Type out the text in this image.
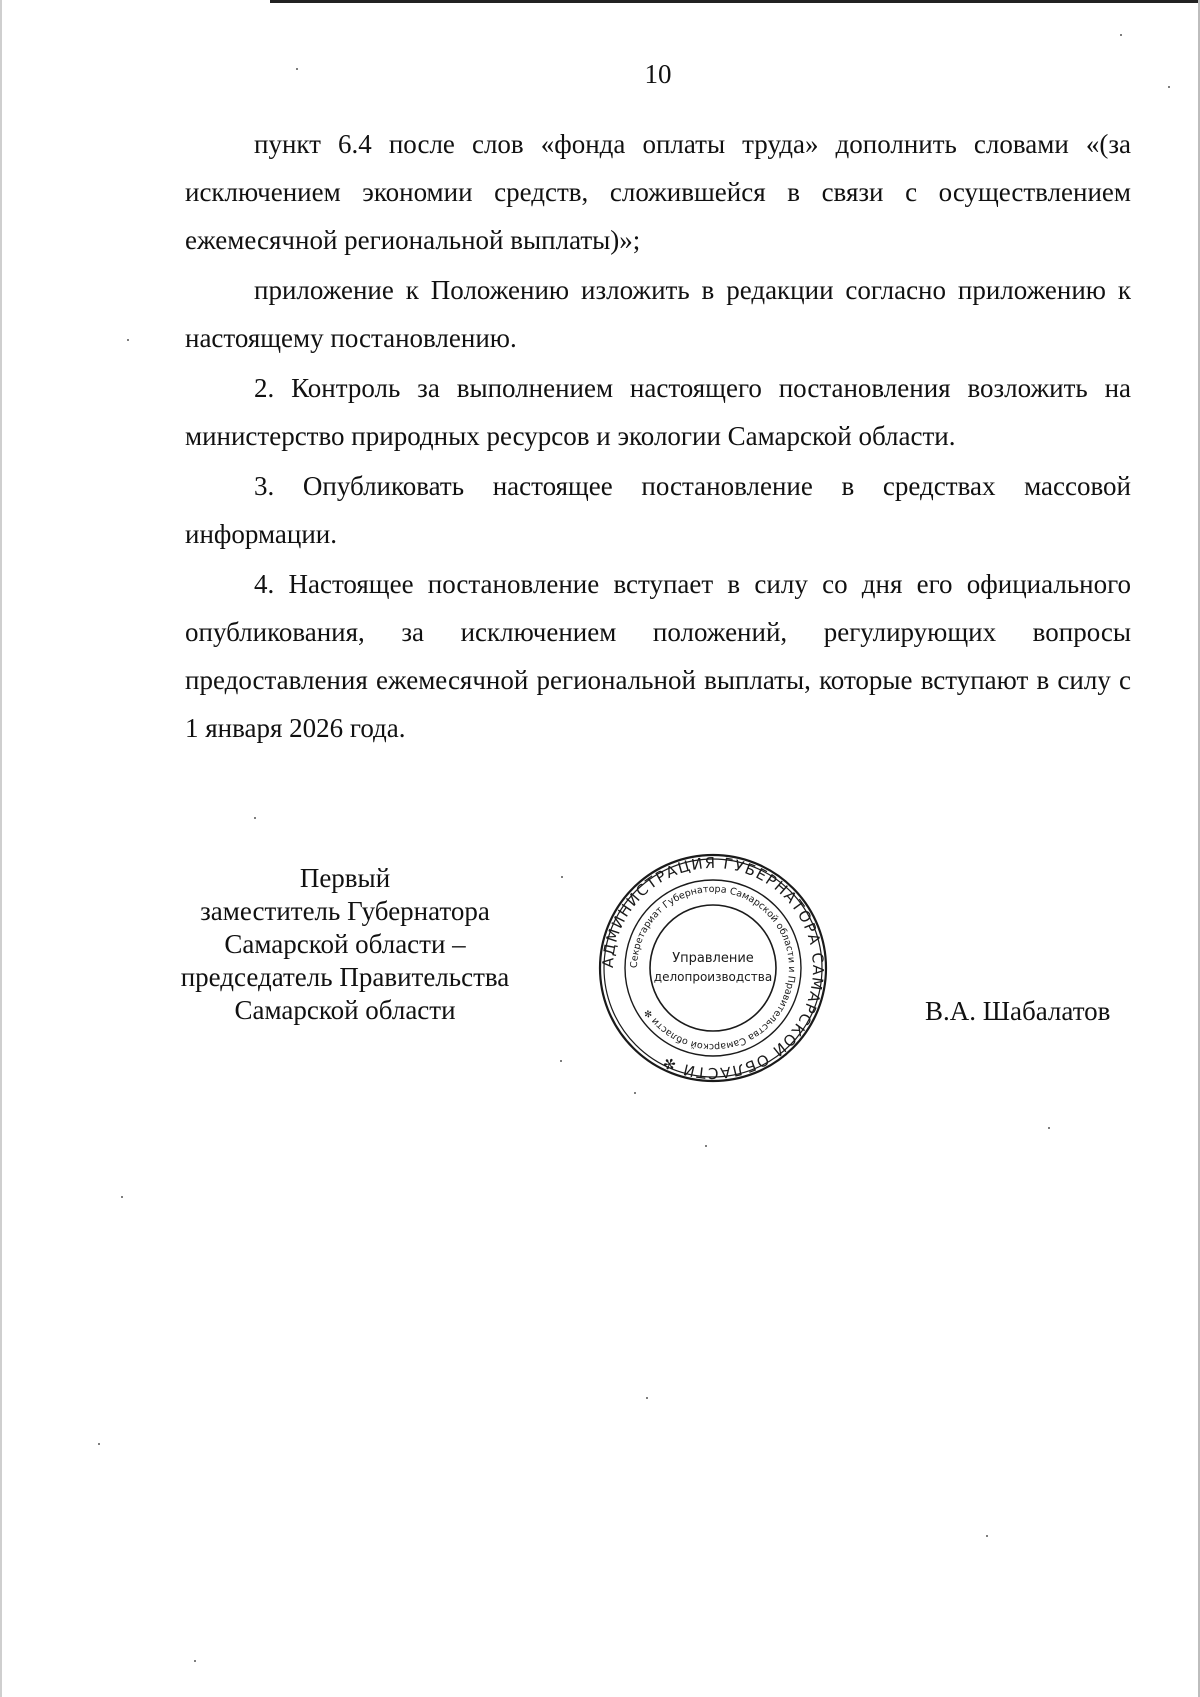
10

пункт 6.4 после слов «фонда оплаты труда» дополнить словами «(за исключением экономии средств, сложившейся в связи с осуществлением ежемесячной региональной выплаты)»;

приложение к Положению изложить в редакции согласно приложению к настоящему постановлению.

2. Контроль за выполнением настоящего постановления возложить на министерство природных ресурсов и экологии Самарской области.

3. Опубликовать настоящее постановление в средствах массовой информации.

4. Настоящее постановление вступает в силу со дня его официального опубликования, за исключением положений, регулирующих вопросы предоставления ежемесячной региональной выплаты, которые вступают в силу с 1 января 2026 года.

Первый
заместитель Губернатора
Самарской области –
председатель Правительства
Самарской области
АДМИНИСТРАЦИЯ ГУБЕРНАТОРА САМАРСКОЙ ОБЛАСТИ ✻
Секретариат Губернатора Самарской области и Правительства Самарской области ✻
Управление
делопроизводства
В.А. Шабалатов
